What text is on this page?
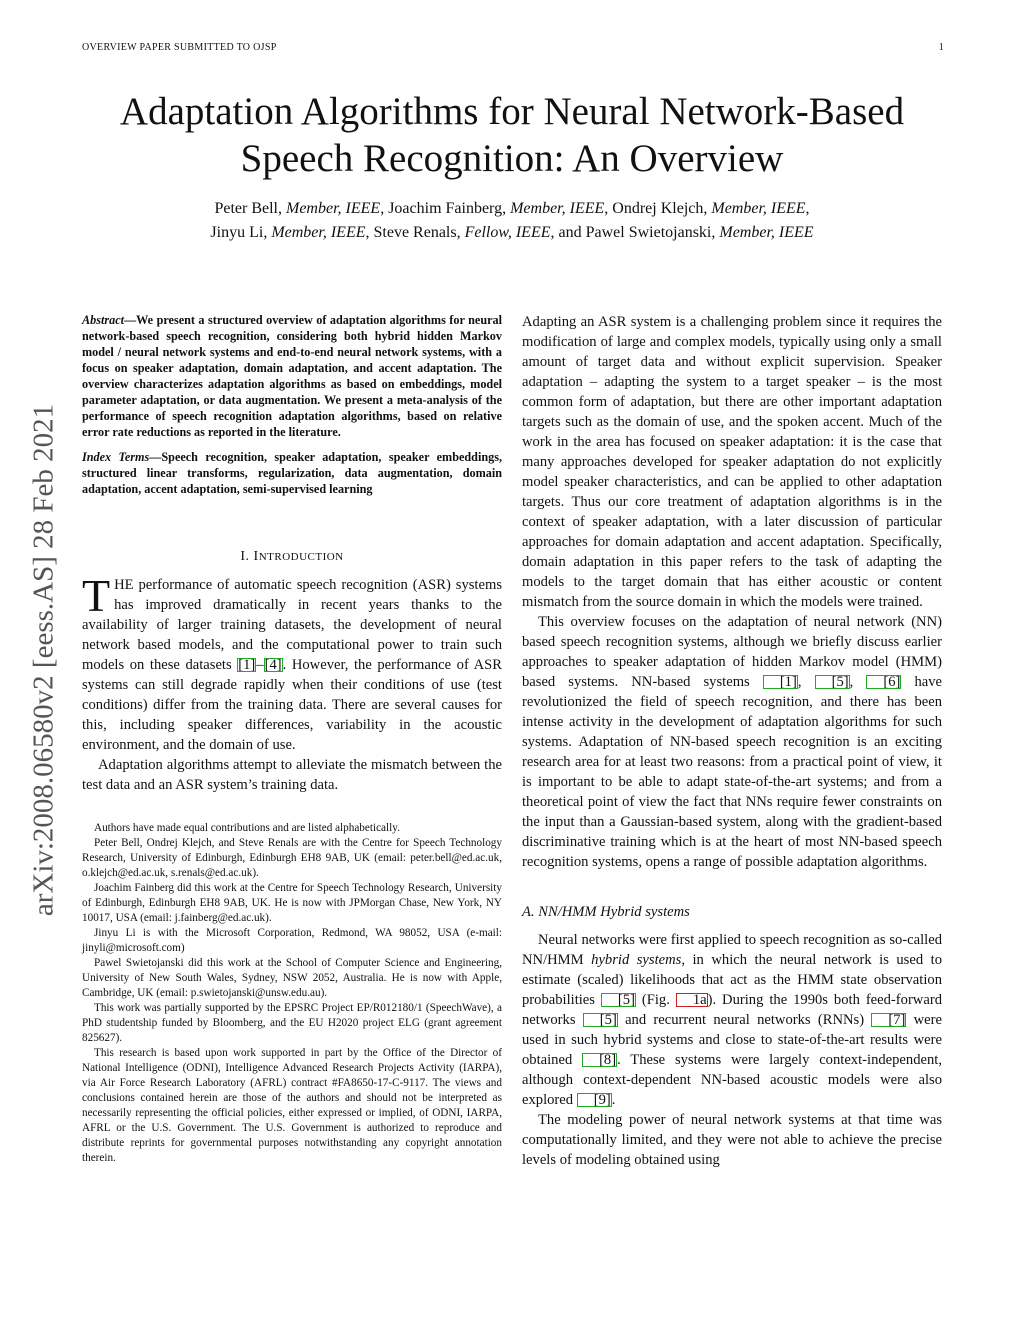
OVERVIEW PAPER SUBMITTED TO OJSP	1
Adaptation Algorithms for Neural Network-Based Speech Recognition: An Overview
Peter Bell, Member, IEEE, Joachim Fainberg, Member, IEEE, Ondrej Klejch, Member, IEEE,
Jinyu Li, Member, IEEE, Steve Renals, Fellow, IEEE, and Pawel Swietojanski, Member, IEEE
arXiv:2008.06580v2 [eess.AS] 28 Feb 2021

Abstract—We present a structured overview of adaptation algorithms for neural network-based speech recognition, considering both hybrid hidden Markov model / neural network systems and end-to-end neural network systems, with a focus on speaker adaptation, domain adaptation, and accent adaptation. The overview characterizes adaptation algorithms as based on embeddings, model parameter adaptation, or data augmentation. We present a meta-analysis of the performance of speech recognition adaptation algorithms, based on relative error rate reductions as reported in the literature.

Index Terms—Speech recognition, speaker adaptation, speaker embeddings, structured linear transforms, regularization, data augmentation, domain adaptation, accent adaptation, semi-supervised learning

I. INTRODUCTION

THE performance of automatic speech recognition (ASR) systems has improved dramatically in recent years thanks to the availability of larger training datasets, the development of neural network based models, and the computational power to train such models on these datasets [1]–[4]. However, the performance of ASR systems can still degrade rapidly when their conditions of use (test conditions) differ from the training data. There are several causes for this, including speaker differences, variability in the acoustic environment, and the domain of use.

Adaptation algorithms attempt to alleviate the mismatch between the test data and an ASR system’s training data.

Authors have made equal contributions and are listed alphabetically.

Peter Bell, Ondrej Klejch, and Steve Renals are with the Centre for Speech Technology Research, University of Edinburgh, Edinburgh EH8 9AB, UK (email: peter.bell@ed.ac.uk, o.klejch@ed.ac.uk, s.renals@ed.ac.uk).

Joachim Fainberg did this work at the Centre for Speech Technology Research, University of Edinburgh, Edinburgh EH8 9AB, UK. He is now with JPMorgan Chase, New York, NY 10017, USA (email: j.fainberg@ed.ac.uk).

Jinyu Li is with the Microsoft Corporation, Redmond, WA 98052, USA (e-mail: jinyli@microsoft.com)

Pawel Swietojanski did this work at the School of Computer Science and Engineering, University of New South Wales, Sydney, NSW 2052, Australia. He is now with Apple, Cambridge, UK (email: p.swietojanski@unsw.edu.au).

This work was partially supported by the EPSRC Project EP/R012180/1 (SpeechWave), a PhD studentship funded by Bloomberg, and the EU H2020 project ELG (grant agreement 825627).

This research is based upon work supported in part by the Office of the Director of National Intelligence (ODNI), Intelligence Advanced Research Projects Activity (IARPA), via Air Force Research Laboratory (AFRL) contract #FA8650-17-C-9117. The views and conclusions contained herein are those of the authors and should not be interpreted as necessarily representing the official policies, either expressed or implied, of ODNI, IARPA, AFRL or the U.S. Government. The U.S. Government is authorized to reproduce and distribute reprints for governmental purposes notwithstanding any copyright annotation therein.

Adapting an ASR system is a challenging problem since it requires the modification of large and complex models, typically using only a small amount of target data and without explicit supervision. Speaker adaptation – adapting the system to a target speaker – is the most common form of adaptation, but there are other important adaptation targets such as the domain of use, and the spoken accent. Much of the work in the area has focused on speaker adaptation: it is the case that many approaches developed for speaker adaptation do not explicitly model speaker characteristics, and can be applied to other adaptation targets. Thus our core treatment of adaptation algorithms is in the context of speaker adaptation, with a later discussion of particular approaches for domain adaptation and accent adaptation. Specifically, domain adaptation in this paper refers to the task of adapting the models to the target domain that has either acoustic or content mismatch from the source domain in which the models were trained.

This overview focuses on the adaptation of neural network (NN) based speech recognition systems, although we briefly discuss earlier approaches to speaker adaptation of hidden Markov model (HMM) based systems. NN-based systems [1], [5], [6] have revolutionized the field of speech recognition, and there has been intense activity in the development of adaptation algorithms for such systems. Adaptation of NN-based speech recognition is an exciting research area for at least two reasons: from a practical point of view, it is important to be able to adapt state-of-the-art systems; and from a theoretical point of view the fact that NNs require fewer constraints on the input than a Gaussian-based system, along with the gradient-based discriminative training which is at the heart of most NN-based speech recognition systems, opens a range of possible adaptation algorithms.

A. NN/HMM Hybrid systems

Neural networks were first applied to speech recognition as so-called NN/HMM hybrid systems, in which the neural network is used to estimate (scaled) likelihoods that act as the HMM state observation probabilities [5] (Fig. 1a). During the 1990s both feed-forward networks [5] and recurrent neural networks (RNNs) [7] were used in such hybrid systems and close to state-of-the-art results were obtained [8]. These systems were largely context-independent, although context-dependent NN-based acoustic models were also explored [9].

The modeling power of neural network systems at that time was computationally limited, and they were not able to achieve the precise levels of modeling obtained using
